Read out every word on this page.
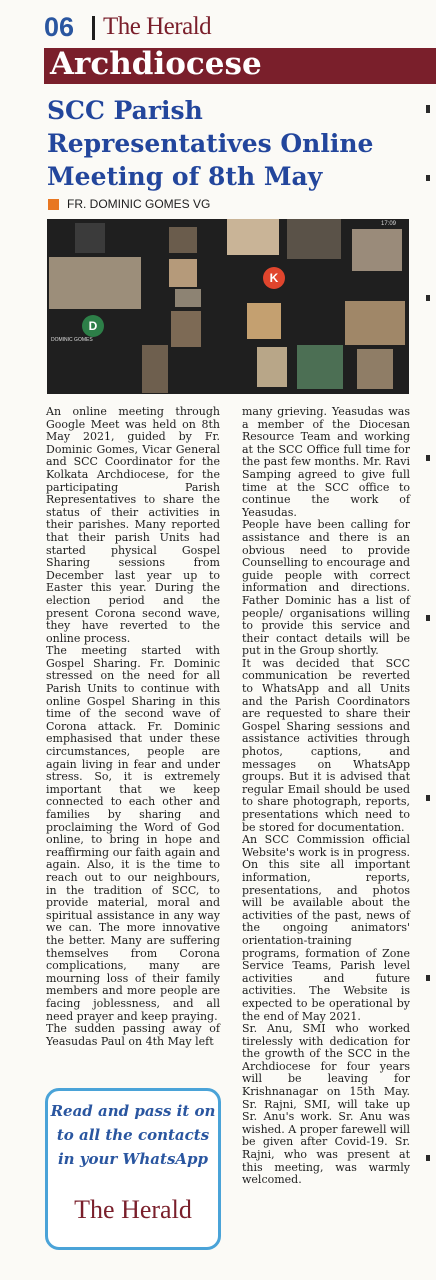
06 The Herald
Archdiocese
SCC Parish Representatives Online Meeting of 8th May
FR. DOMINIC GOMES VG
D
K
DOMINIC GOMES
17:09
An online meeting through Google Meet was held on 8th May 2021, guided by Fr. Dominic Gomes, Vicar General and SCC Coordinator for the Kolkata Archdiocese, for the participating Parish Representatives to share the status of their activities in their parishes. Many reported that their parish Units had started physical Gospel Sharing sessions from December last year up to Easter this year. During the election period and the present Corona second wave, they have reverted to the online process.
The meeting started with Gospel Sharing. Fr. Dominic stressed on the need for all Parish Units to continue with online Gospel Sharing in this time of the second wave of Corona attack. Fr. Dominic emphasised that under these circumstances, people are again living in fear and under stress. So, it is extremely important that we keep connected to each other and families by sharing and proclaiming the Word of God online, to bring in hope and reaffirming our faith again and again. Also, it is the time to reach out to our neighbours, in the tradition of SCC, to provide material, moral and spiritual assistance in any way we can. The more innovative the better. Many are suffering themselves from Corona complications, many are mourning loss of their family members and more people are facing joblessness, and all need prayer and keep praying.
The sudden passing away of Yeasudas Paul on 4th May left
many grieving. Yeasudas was a member of the Diocesan Resource Team and working at the SCC Office full time for the past few months. Mr. Ravi Samping agreed to give full time at the SCC office to continue the work of Yeasudas.
People have been calling for assistance and there is an obvious need to provide Counselling to encourage and guide people with correct information and directions. Father Dominic has a list of people/ organisations willing to provide this service and their contact details will be put in the Group shortly.
It was decided that SCC communication be reverted to WhatsApp and all Units and the Parish Coordinators are requested to share their Gospel Sharing sessions and assistance activities through photos, captions, and messages on WhatsApp groups. But it is advised that regular Email should be used to share photograph, reports, presentations which need to be stored for documentation.
An SCC Commission official Website's work is in progress. On this site all important information, reports, presentations, and photos will be available about the activities of the past, news of the ongoing animators' orientation-training programs, formation of Zone Service Teams, Parish level activities and future activities. The Website is expected to be operational by the end of May 2021.
Sr. Anu, SMI who worked tirelessly with dedication for the growth of the SCC in the Archdiocese for four years will be leaving for Krishnanagar on 15th May. Sr. Rajni, SMI, will take up Sr. Anu's work. Sr. Anu was wished. A proper farewell will be given after Covid-19. Sr. Rajni, who was present at this meeting, was warmly welcomed.
Read and pass it on
to all the contacts
in your WhatsApp
The Herald
